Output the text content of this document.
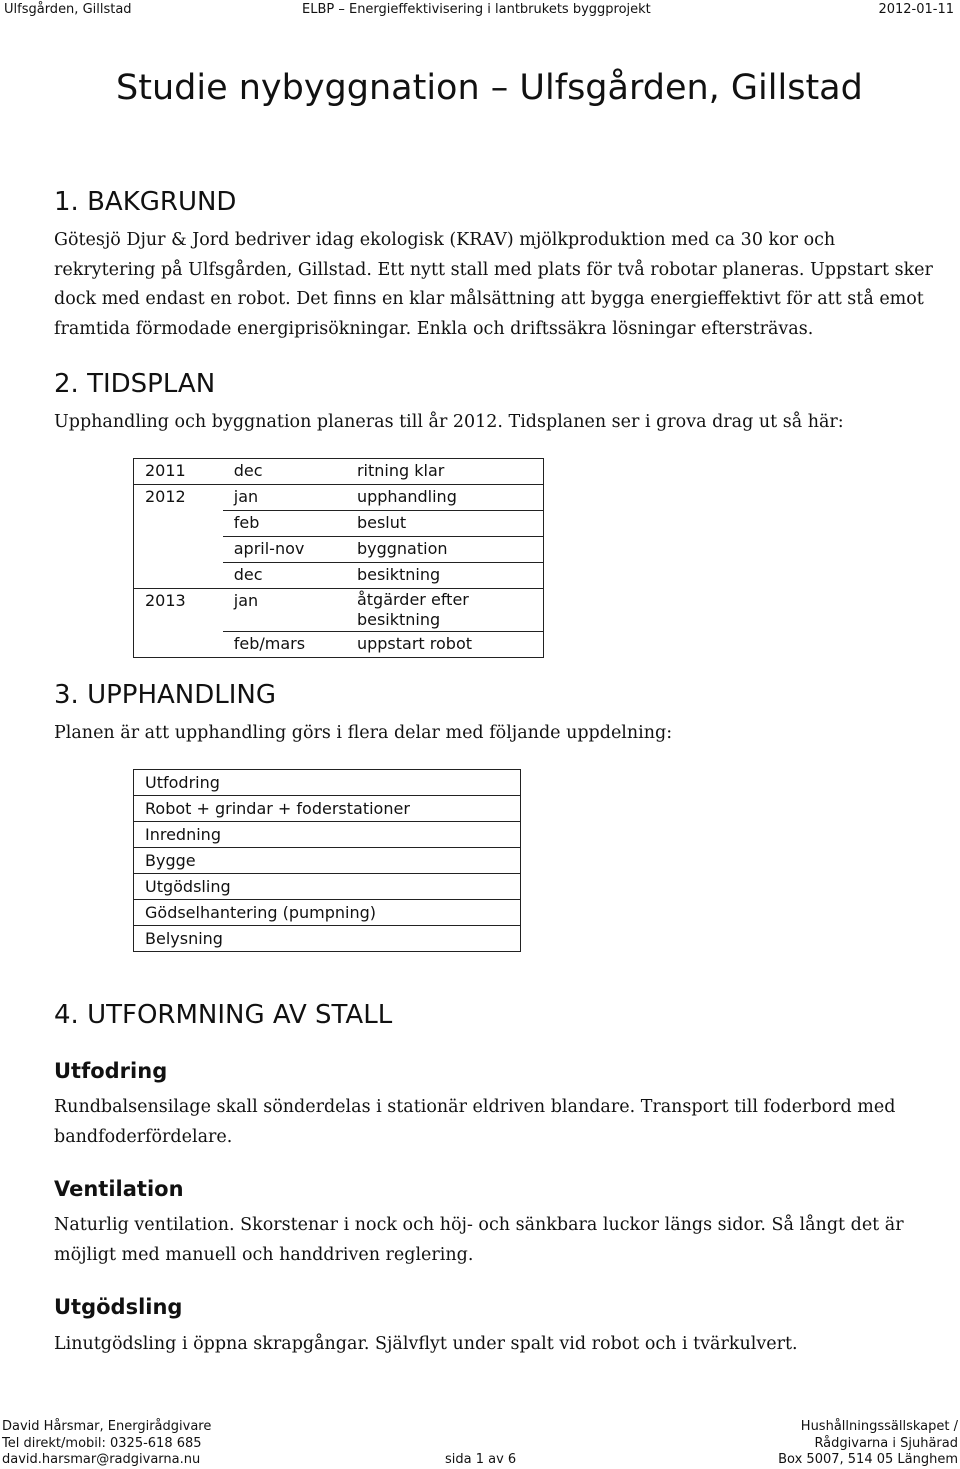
Ulfsgården, Gillstad	ELBP – Energieffektivisering i lantbrukets byggprojekt	2012-01-11
Studie nybyggnation – Ulfsgården, Gillstad
1. BAKGRUND
Götesjö Djur & Jord bedriver idag ekologisk (KRAV) mjölkproduktion med ca 30 kor och
rekrytering på Ulfsgården, Gillstad. Ett nytt stall med plats för två robotar planeras. Uppstart sker
dock med endast en robot. Det finns en klar målsättning att bygga energieffektivt för att stå emot
framtida förmodade energiprisökningar. Enkla och driftssäkra lösningar eftersträvas.
2. TIDSPLAN
Upphandling och byggnation planeras till år 2012. Tidsplanen ser i grova drag ut så här:
2011	dec	ritning klar
2012	jan	upphandling
	feb	beslut
	april-nov	byggnation
	dec	besiktning
2013	jan	åtgärder efter besiktning
	feb/mars	uppstart robot
3. UPPHANDLING
Planen är att upphandling görs i flera delar med följande uppdelning:
Utfodring
Robot + grindar + foderstationer
Inredning
Bygge
Utgödsling
Gödselhantering (pumpning)
Belysning
4. UTFORMNING AV STALL
Utfodring
Rundbalsensilage skall sönderdelas i stationär eldriven blandare. Transport till foderbord med
bandfoderfördelare.
Ventilation
Naturlig ventilation. Skorstenar i nock och höj- och sänkbara luckor längs sidor. Så långt det är
möjligt med manuell och handdriven reglering.
Utgödsling
Linutgödsling i öppna skrapgångar. Självflyt under spalt vid robot och i tvärkulvert.
David Hårsmar, Energirådgivare
Tel direkt/mobil: 0325-618 685
david.harsmar@radgivarna.nu	sida 1 av 6
Hushållningssällskapet /
Rådgivarna i Sjuhärad
Box 5007, 514 05 Länghem
